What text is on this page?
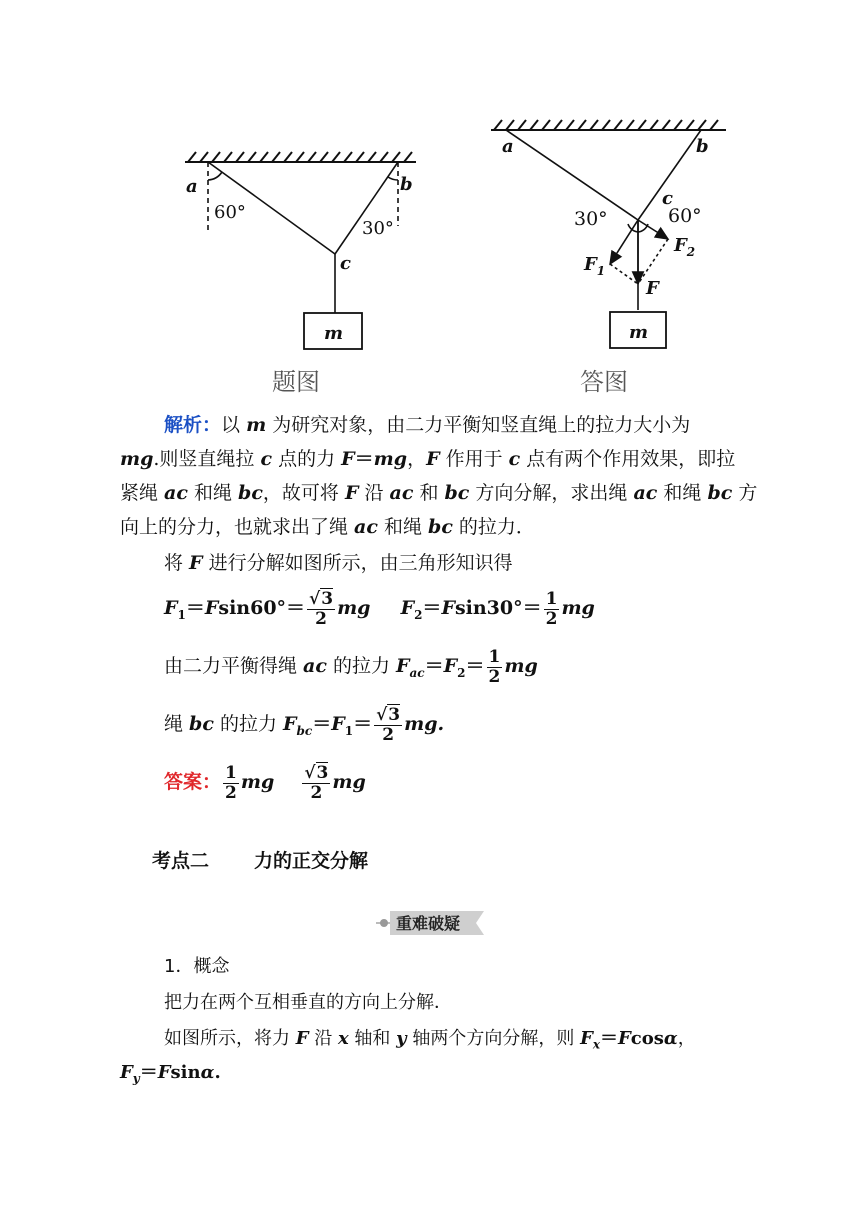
a	b
c
60°
30°
m
题图
a	b
c
30°	60°
$F_1$
$F_2$
F
m
答图
解析：以 m 为研究对象，由二力平衡知竖直绳上的拉力大小为
mg.则竖直绳拉 c 点的力 F＝mg，F 作用于 c 点有两个作用效果，即拉
紧绳 ac 和绳 bc，故可将 F 沿 ac 和 bc 方向分解，求出绳 ac 和绳 bc 方
向上的分力，也就求出了绳 ac 和绳 bc 的拉力．
将 F 进行分解如图所示，由三角形知识得
$F_1=Fsin60^\circ= \frac{√3}{2}$ mg $F_2=Fsin30^\circ= \frac{1}{2}$ mg
由二力平衡得绳 ac 的拉力 $F_{ac}=F_2= \frac{1}{2}$ mg
绳 bc 的拉力 $F_{bc}=F_1= \frac{√3}{2}$ mg.
答案： $\frac{1}{2}$ mg $\frac{√3}{2}$ mg
考点二 力的正交分解
重难破疑
1．概念
把力在两个互相垂直的方向上分解．
如图所示，将力 F 沿 x 轴和 y 轴两个方向分解，则 $F_x=Fcos\alpha$，
$F_y=Fsin\alpha$.
